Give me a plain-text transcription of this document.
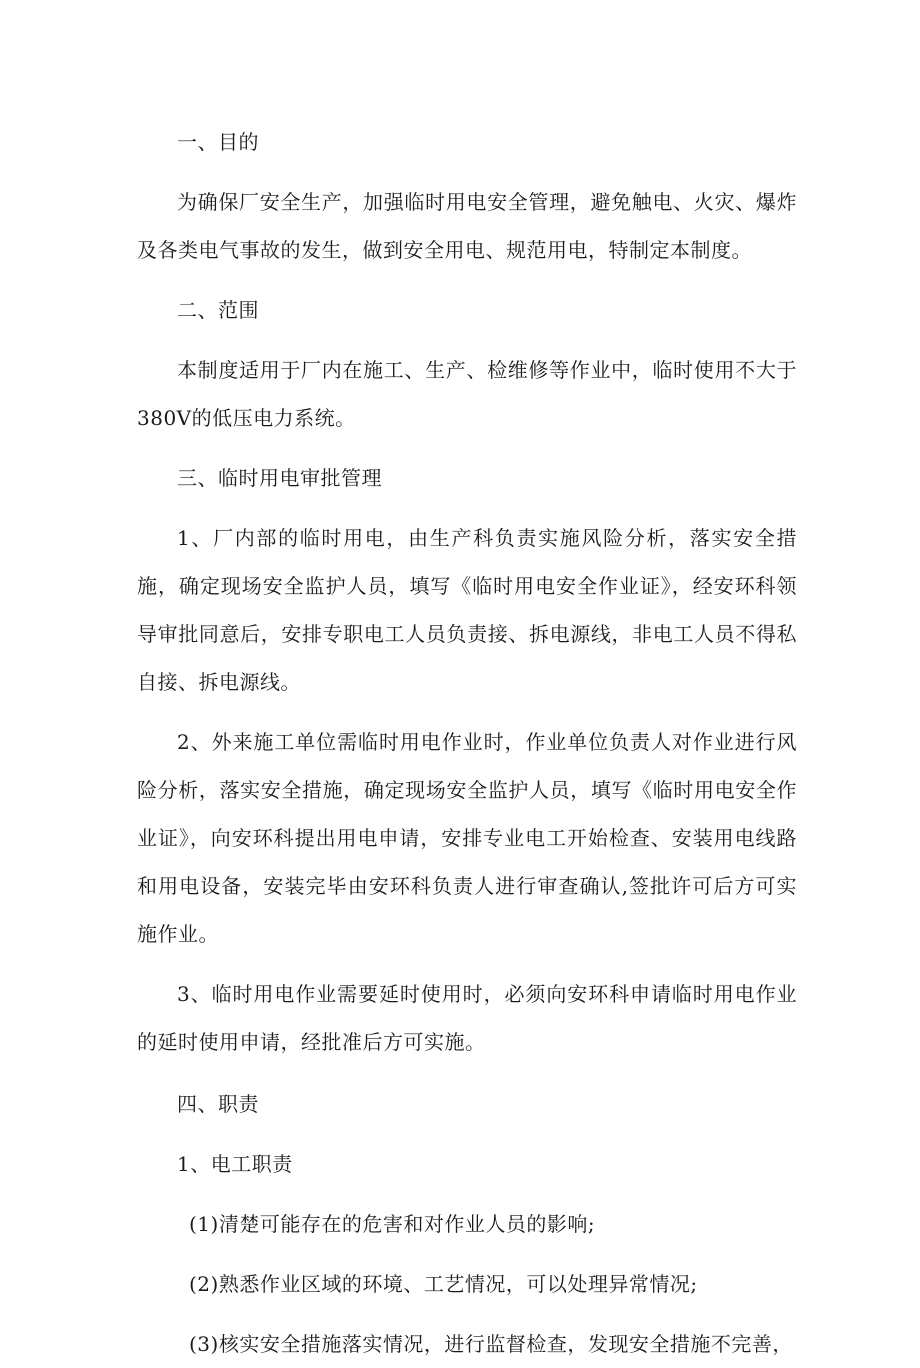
一、目的

为确保厂安全生产，加强临时用电安全管理，避免触电、火灾、爆炸及各类电气事故的发生，做到安全用电、规范用电，特制定本制度。

二、范围

本制度适用于厂内在施工、生产、检维修等作业中，临时使用不大于380V的低压电力系统。

三、临时用电审批管理

1、厂内部的临时用电，由生产科负责实施风险分析，落实安全措施，确定现场安全监护人员，填写《临时用电安全作业证》，经安环科领导审批同意后，安排专职电工人员负责接、拆电源线，非电工人员不得私自接、拆电源线。

2、外来施工单位需临时用电作业时，作业单位负责人对作业进行风险分析，落实安全措施，确定现场安全监护人员，填写《临时用电安全作业证》，向安环科提出用电申请，安排专业电工开始检查、安装用电线路和用电设备，安装完毕由安环科负责人进行审查确认,签批许可后方可实施作业。

3、临时用电作业需要延时使用时，必须向安环科申请临时用电作业的延时使用申请，经批准后方可实施。

四、职责

1、电工职责

(1)清楚可能存在的危害和对作业人员的影响;

(2)熟悉作业区域的环境、工艺情况，可以处理异常情况;

(3)核实安全措施落实情况，进行监督检查，发现安全措施不完善，
